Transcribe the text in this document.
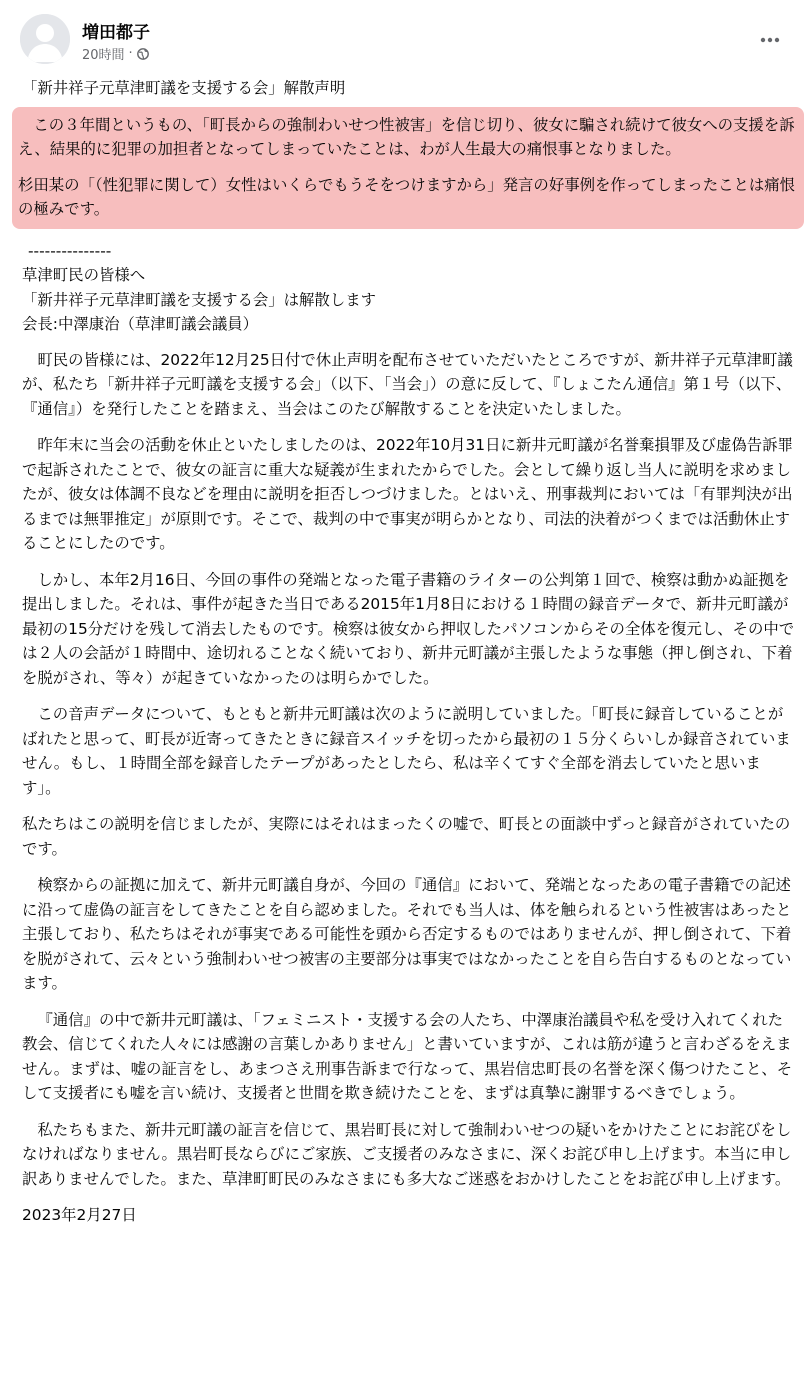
増田都子
20時間 ·

「新井祥子元草津町議を支援する会」解散声明

　この３年間というもの、「町長からの強制わいせつ性被害」を信じ切り、彼女に騙され続けて彼女への支援を訴え、結果的に犯罪の加担者となってしまっていたことは、わが人生最大の痛恨事となりました。

杉田某の「（性犯罪に関して）女性はいくらでもうそをつけますから」発言の好事例を作ってしまったことは痛恨の極みです。

---------------

草津町民の皆様へ

「新井祥子元草津町議を支援する会」は解散します

会長:中澤康治（草津町議会議員）

町民の皆様には、2022年12月25日付で休止声明を配布させていただいたところですが、新井祥子元草津町議が、私たち「新井祥子元町議を支援する会」（以下、「当会」）の意に反して、『しょこたん通信』第１号（以下、『通信』）を発行したことを踏まえ、当会はこのたび解散することを決定いたしました。

昨年末に当会の活動を休止といたしましたのは、2022年10月31日に新井元町議が名誉棄損罪及び虚偽告訴罪で起訴されたことで、彼女の証言に重大な疑義が生まれたからでした。会として繰り返し当人に説明を求めましたが、彼女は体調不良などを理由に説明を拒否しつづけました。とはいえ、刑事裁判においては「有罪判決が出るまでは無罪推定」が原則です。そこで、裁判の中で事実が明らかとなり、司法的決着がつくまでは活動休止することにしたのです。

しかし、本年2月16日、今回の事件の発端となった電子書籍のライターの公判第１回で、検察は動かぬ証拠を提出しました。それは、事件が起きた当日である2015年1月8日における１時間の録音データで、新井元町議が最初の15分だけを残して消去したものです。検察は彼女から押収したパソコンからその全体を復元し、その中では２人の会話が１時間中、途切れることなく続いており、新井元町議が主張したような事態（押し倒され、下着を脱がされ、等々）が起きていなかったのは明らかでした。

この音声データについて、もともと新井元町議は次のように説明していました。「町長に録音していることがばれたと思って、町長が近寄ってきたときに録音スイッチを切ったから最初の１５分くらいしか録音されていません。もし、１時間全部を録音したテープがあったとしたら、私は辛くてすぐ全部を消去していたと思います」。

私たちはこの説明を信じましたが、実際にはそれはまったくの嘘で、町長との面談中ずっと録音がされていたのです。

検察からの証拠に加えて、新井元町議自身が、今回の『通信』において、発端となったあの電子書籍での記述に沿って虚偽の証言をしてきたことを自ら認めました。それでも当人は、体を触られるという性被害はあったと主張しており、私たちはそれが事実である可能性を頭から否定するものではありませんが、押し倒されて、下着を脱がされて、云々という強制わいせつ被害の主要部分は事実ではなかったことを自ら告白するものとなっています。

『通信』の中で新井元町議は、「フェミニスト・支援する会の人たち、中澤康治議員や私を受け入れてくれた教会、信じてくれた人々には感謝の言葉しかありません」と書いていますが、これは筋が違うと言わざるをえません。まずは、嘘の証言をし、あまつさえ刑事告訴まで行なって、黒岩信忠町長の名誉を深く傷つけたこと、そして支援者にも嘘を言い続け、支援者と世間を欺き続けたことを、まずは真摯に謝罪するべきでしょう。

私たちもまた、新井元町議の証言を信じて、黒岩町長に対して強制わいせつの疑いをかけたことにお詫びをしなければなりません。黒岩町長ならびにご家族、ご支援者のみなさまに、深くお詫び申し上げます。本当に申し訳ありませんでした。また、草津町町民のみなさまにも多大なご迷惑をおかけしたことをお詫び申し上げます。

2023年2月27日
